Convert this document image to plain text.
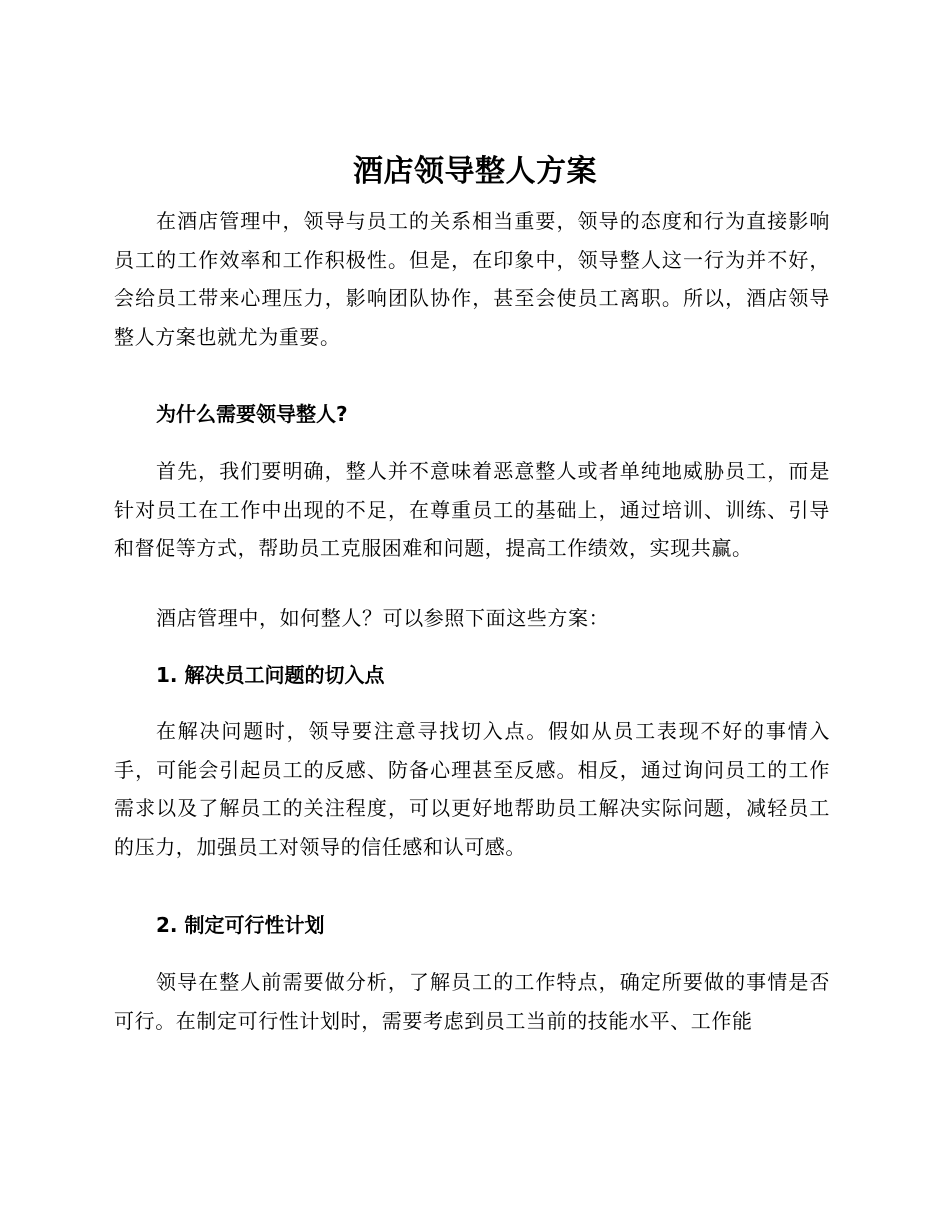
酒店领导整人方案

在酒店管理中，领导与员工的关系相当重要，领导的态度和行为直接影响员工的工作效率和工作积极性。但是，在印象中，领导整人这一行为并不好，会给员工带来心理压力，影响团队协作，甚至会使员工离职。所以，酒店领导整人方案也就尤为重要。

为什么需要领导整人?

首先，我们要明确，整人并不意味着恶意整人或者单纯地威胁员工，而是针对员工在工作中出现的不足，在尊重员工的基础上，通过培训、训练、引导和督促等方式，帮助员工克服困难和问题，提高工作绩效，实现共赢。

酒店管理中，如何整人？可以参照下面这些方案：

1. 解决员工问题的切入点

在解决问题时，领导要注意寻找切入点。假如从员工表现不好的事情入手，可能会引起员工的反感、防备心理甚至反感。相反，通过询问员工的工作需求以及了解员工的关注程度，可以更好地帮助员工解决实际问题，减轻员工的压力，加强员工对领导的信任感和认可感。

2. 制定可行性计划

领导在整人前需要做分析，了解员工的工作特点，确定所要做的事情是否可行。在制定可行性计划时，需要考虑到员工当前的技能水平、工作能
